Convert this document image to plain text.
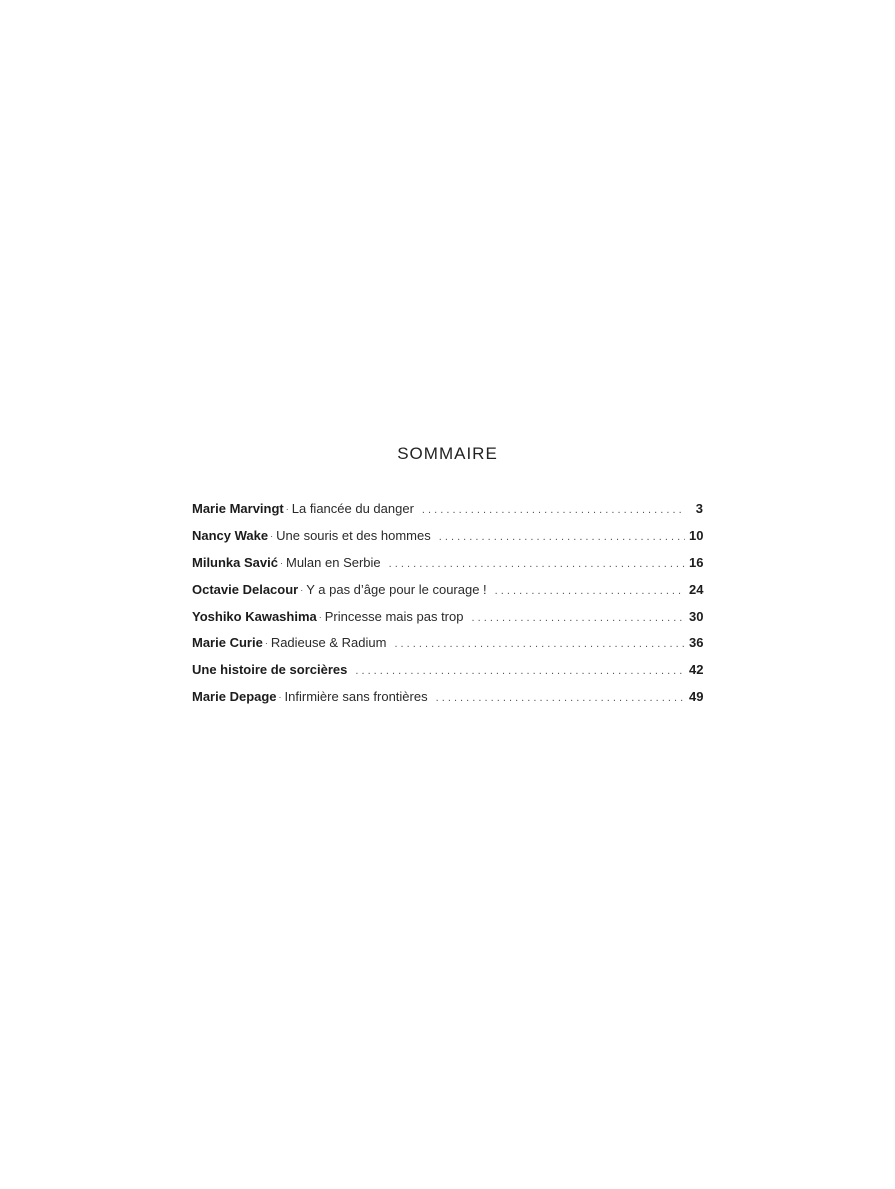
SOMMAIRE
Marie Marvingt · La fiancée du danger . . .	3
Nancy Wake · Une souris et des hommes . . .	10
Milunka Savić · Mulan en Serbie . . .	16
Octavie Delacour · Y a pas d’âge pour le courage ! . . .	24
Yoshiko Kawashima · Princesse mais pas trop . . .	30
Marie Curie · Radieuse & Radium . . .	36
Une histoire de sorcières . . .	42
Marie Depage · Infirmière sans frontières . . .	49
